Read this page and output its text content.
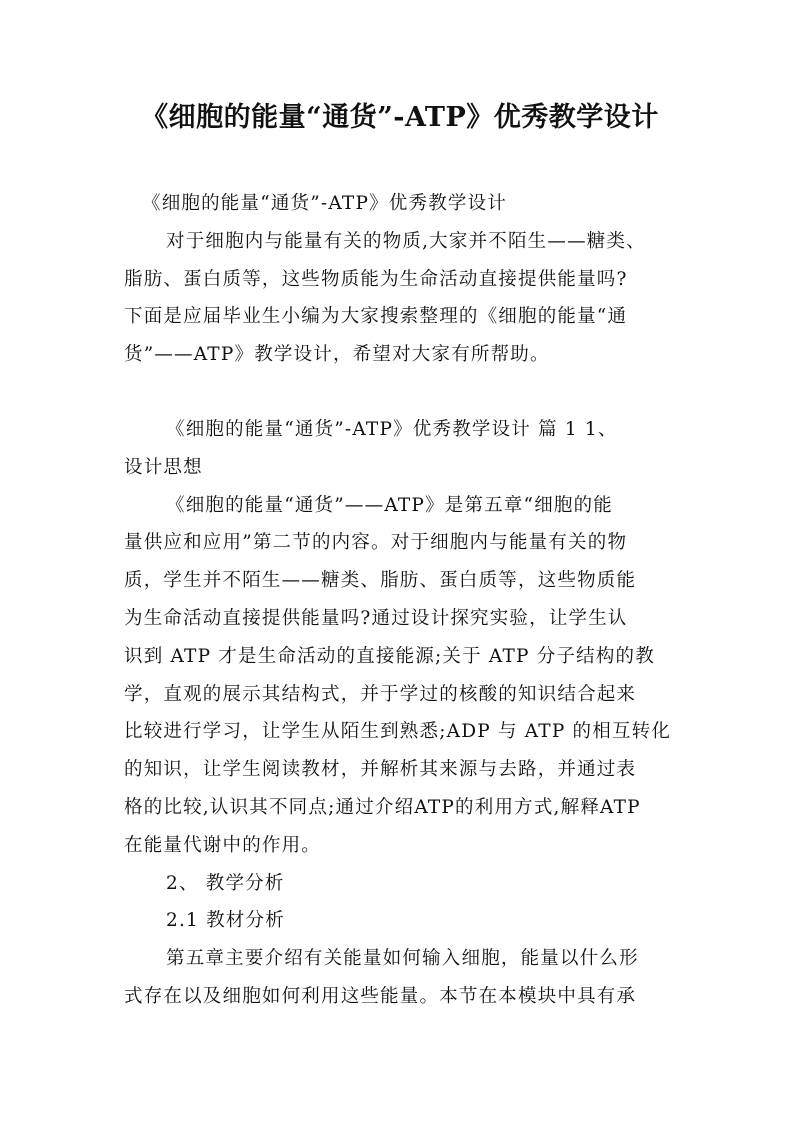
《细胞的能量“通货”-ATP》优秀教学设计
《细胞的能量“通货”-ATP》优秀教学设计
对于细胞内与能量有关的物质,大家并不陌生——糖类、
脂肪、蛋白质等，这些物质能为生命活动直接提供能量吗?
下面是应届毕业生小编为大家搜索整理的《细胞的能量“通
货”——ATP》教学设计，希望对大家有所帮助。
《细胞的能量“通货”-ATP》优秀教学设计 篇 1 1、
设计思想
《细胞的能量“通货”——ATP》是第五章“细胞的能
量供应和应用”第二节的内容。对于细胞内与能量有关的物
质，学生并不陌生——糖类、脂肪、蛋白质等，这些物质能
为生命活动直接提供能量吗?通过设计探究实验，让学生认
识到 ATP 才是生命活动的直接能源;关于 ATP 分子结构的教
学，直观的展示其结构式，并于学过的核酸的知识结合起来
比较进行学习，让学生从陌生到熟悉;ADP 与 ATP 的相互转化
的知识，让学生阅读教材，并解析其来源与去路，并通过表
格的比较,认识其不同点;通过介绍ATP的利用方式,解释ATP
在能量代谢中的作用。
2、 教学分析
2.1 教材分析
第五章主要介绍有关能量如何输入细胞，能量以什么形
式存在以及细胞如何利用这些能量。本节在本模块中具有承
